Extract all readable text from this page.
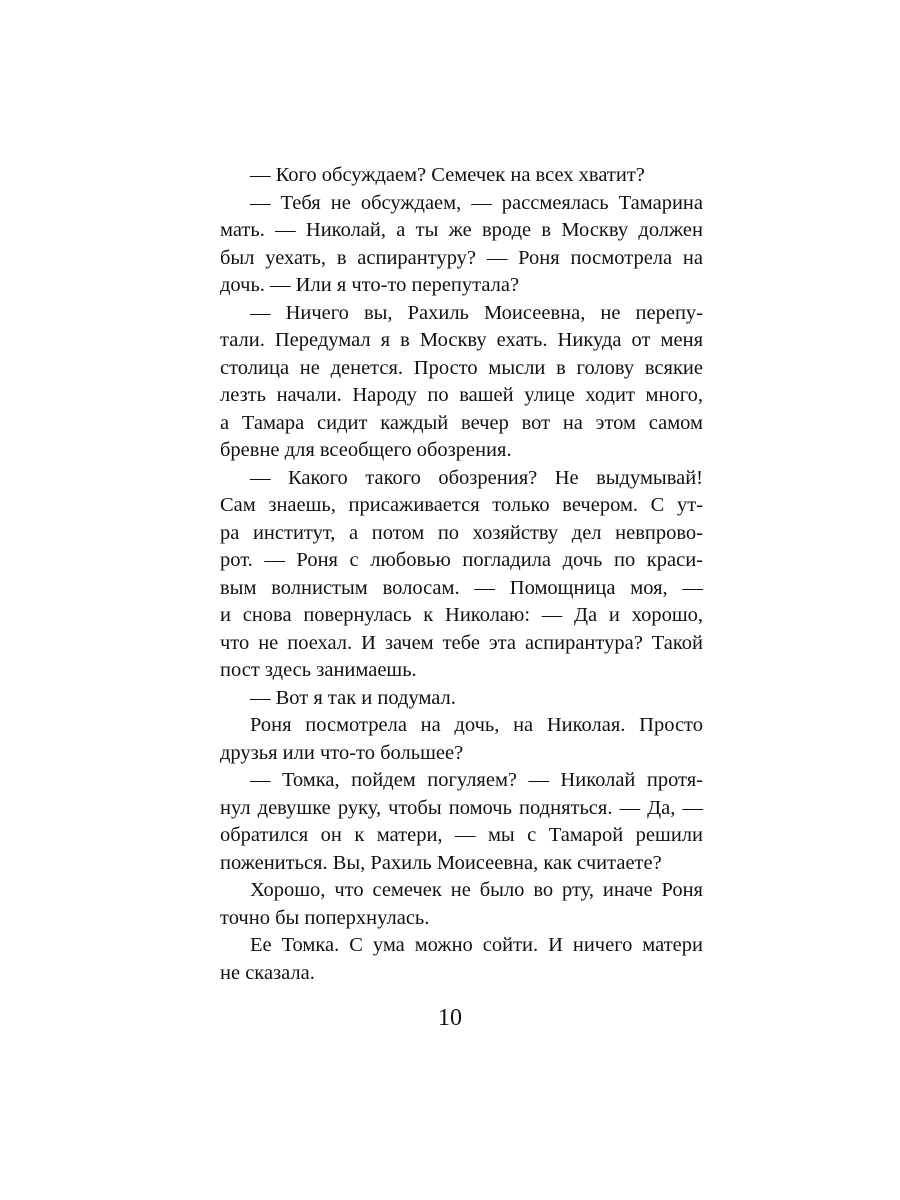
— Кого обсуждаем? Семечек на всех хватит?
— Тебя не обсуждаем, — рассмеялась Тамарина
мать. — Николай, а ты же вроде в Москву должен
был уехать, в аспирантуру? — Роня посмотрела на
дочь. — Или я что-то перепутала?
— Ничего вы, Рахиль Моисеевна, не перепу-
тали. Передумал я в Москву ехать. Никуда от меня
столица не денется. Просто мысли в голову всякие
лезть начали. Народу по вашей улице ходит много,
а Тамара сидит каждый вечер вот на этом самом
бревне для всеобщего обозрения.
— Какого такого обозрения? Не выдумывай!
Сам знаешь, присаживается только вечером. С ут-
ра институт, а потом по хозяйству дел невпрово-
рот. — Роня с любовью погладила дочь по краси-
вым волнистым волосам. — Помощница моя, —
и снова повернулась к Николаю: — Да и хорошо,
что не поехал. И зачем тебе эта аспирантура? Такой
пост здесь занимаешь.
— Вот я так и подумал.
Роня посмотрела на дочь, на Николая. Просто
друзья или что-то большее?
— Томка, пойдем погуляем? — Николай протя-
нул девушке руку, чтобы помочь подняться. — Да, —
обратился он к матери, — мы с Тамарой решили
пожениться. Вы, Рахиль Моисеевна, как считаете?
Хорошо, что семечек не было во рту, иначе Роня
точно бы поперхнулась.
Ее Томка. С ума можно сойти. И ничего матери
не сказала.
10
